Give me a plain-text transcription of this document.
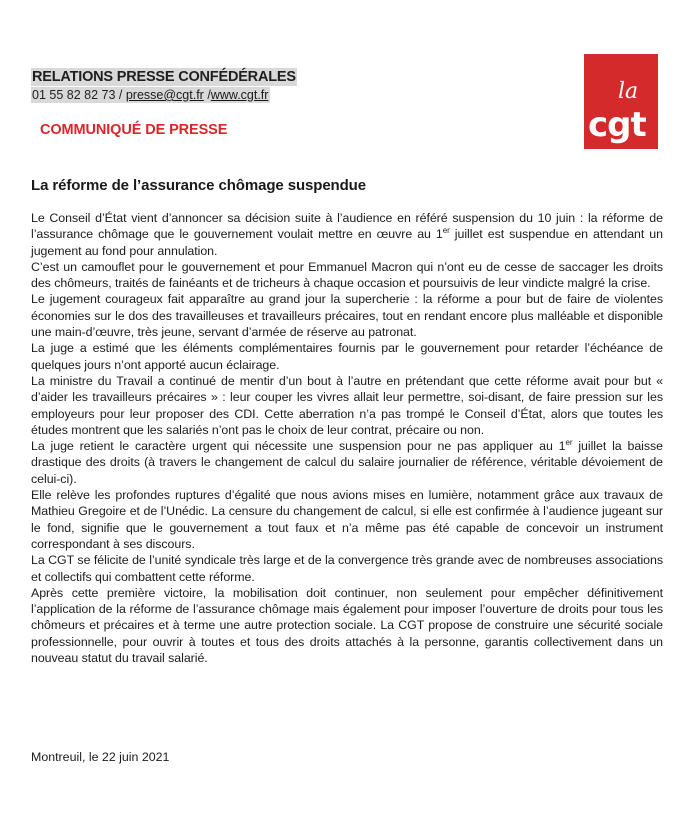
RELATIONS PRESSE CONFÉDÉRALES
01 55 82 82 73 / presse@cgt.fr /www.cgt.fr
COMMUNIQUÉ DE PRESSE
la
cgt
La réforme de l’assurance chômage suspendue

Le Conseil d’État vient d’annoncer sa décision suite à l’audience en référé suspension du 10 juin : la réforme de l’assurance chômage que le gouvernement voulait mettre en œuvre au 1er juillet est suspendue en attendant un jugement au fond pour annulation.

C’est un camouflet pour le gouvernement et pour Emmanuel Macron qui n’ont eu de cesse de saccager les droits des chômeurs, traités de fainéants et de tricheurs à chaque occasion et poursuivis de leur vindicte malgré la crise.

Le jugement courageux fait apparaître au grand jour la supercherie : la réforme a pour but de faire de violentes économies sur le dos des travailleuses et travailleurs précaires, tout en rendant encore plus malléable et disponible une main-d’œuvre, très jeune, servant d’armée de réserve au patronat.

La juge a estimé que les éléments complémentaires fournis par le gouvernement pour retarder l’échéance de quelques jours n’ont apporté aucun éclairage.

La ministre du Travail a continué de mentir d’un bout à l’autre en prétendant que cette réforme avait pour but « d’aider les travailleurs précaires » : leur couper les vivres allait leur permettre, soi-disant, de faire pression sur les employeurs pour leur proposer des CDI. Cette aberration n’a pas trompé le Conseil d’État, alors que toutes les études montrent que les salariés n’ont pas le choix de leur contrat, précaire ou non.

La juge retient le caractère urgent qui nécessite une suspension pour ne pas appliquer au 1er juillet la baisse drastique des droits (à travers le changement de calcul du salaire journalier de référence, véritable dévoiement de celui-ci).

Elle relève les profondes ruptures d’égalité que nous avions mises en lumière, notamment grâce aux travaux de Mathieu Gregoire et de l’Unédic. La censure du changement de calcul, si elle est confirmée à l’audience jugeant sur le fond, signifie que le gouvernement a tout faux et n’a même pas été capable de concevoir un instrument correspondant à ses discours.

La CGT se félicite de l’unité syndicale très large et de la convergence très grande avec de nombreuses associations et collectifs qui combattent cette réforme.

Après cette première victoire, la mobilisation doit continuer, non seulement pour empêcher définitivement l’application de la réforme de l’assurance chômage mais également pour imposer l’ouverture de droits pour tous les chômeurs et précaires et à terme une autre protection sociale. La CGT propose de construire une sécurité sociale professionnelle, pour ouvrir à toutes et tous des droits attachés à la personne, garantis collectivement dans un nouveau statut du travail salarié.

Montreuil, le 22 juin 2021
